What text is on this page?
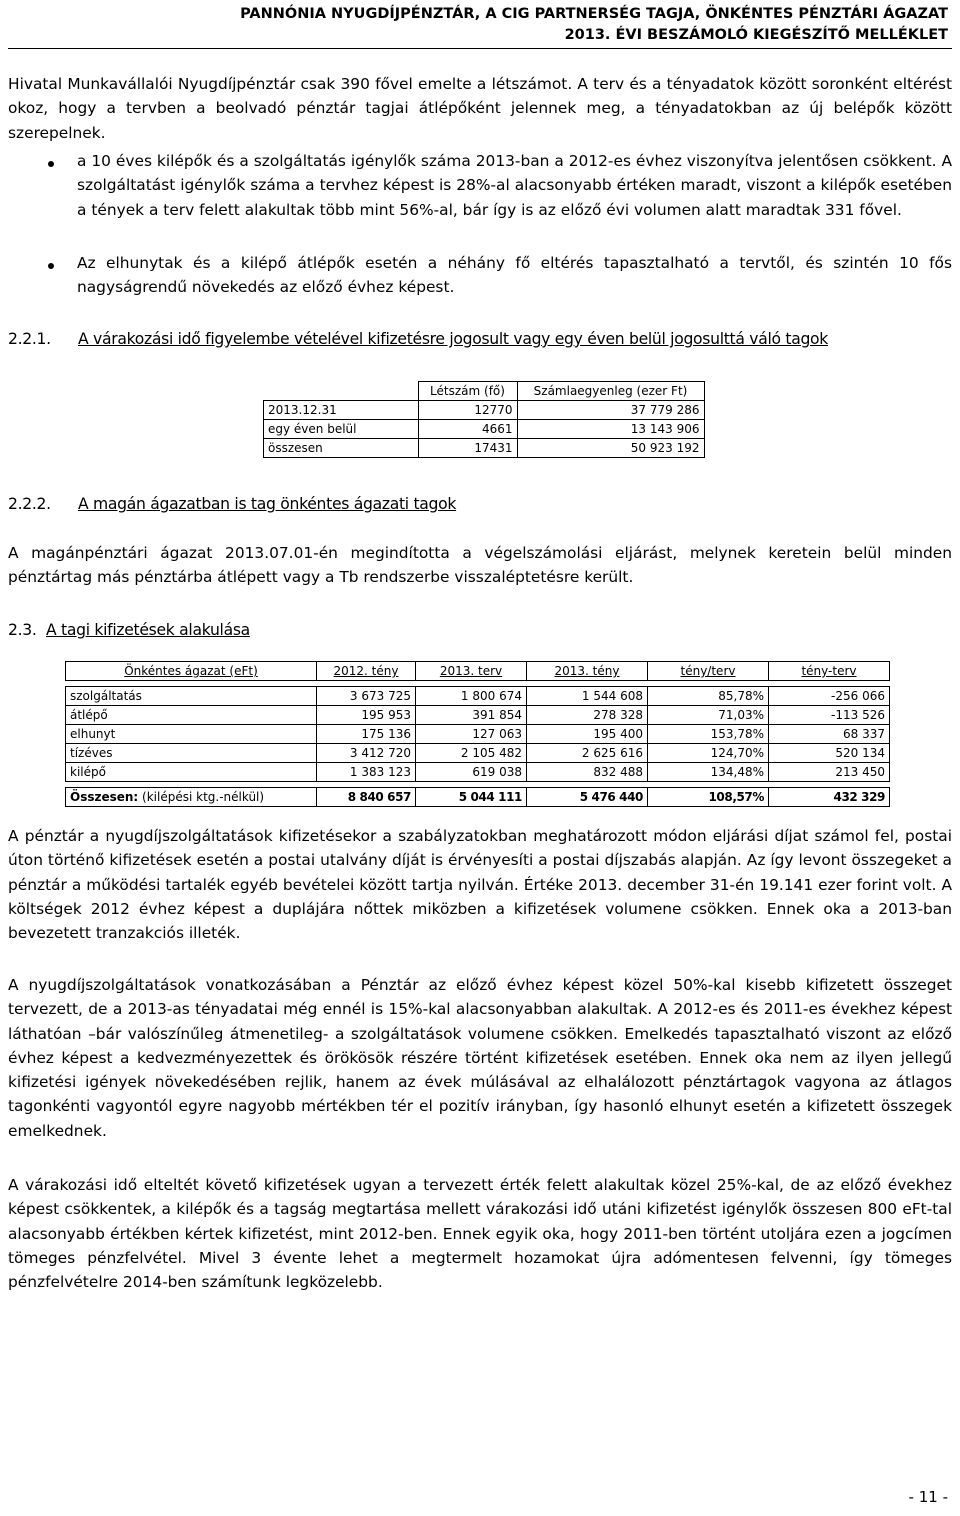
PANNÓNIA NYUGDÍJPÉNZTÁR, A CIG PARTNERSÉG TAGJA, ÖNKÉNTES PÉNZTÁRI ÁGAZAT
2013. ÉVI BESZÁMOLÓ KIEGÉSZÍTŐ MELLÉKLET

Hivatal Munkavállalói Nyugdíjpénztár csak 390 fővel emelte a létszámot. A terv és a tényadatok között soronként eltérést okoz, hogy a tervben a beolvadó pénztár tagjai átlépőként jelennek meg, a tényadatokban az új belépők között szerepelnek.

a 10 éves kilépők és a szolgáltatás igénylők száma 2013-ban a 2012-es évhez viszonyítva jelentősen csökkent. A szolgáltatást igénylők száma a tervhez képest is 28%-al alacsonyabb értéken maradt, viszont a kilépők esetében a tények a terv felett alakultak több mint 56%-al, bár így is az előző évi volumen alatt maradtak 331 fővel.

Az elhunytak és a kilépő átlépők esetén a néhány fő eltérés tapasztalható a tervtől, és szintén 10 fős nagyságrendű növekedés az előző évhez képest.

2.2.1. A várakozási idő figyelembe vételével kifizetésre jogosult vagy egy éven belül jogosulttá váló tagok
	Létszám (fő)	Számlaegyenleg (ezer Ft)
2013.12.31	12770	37 779 286
egy éven belül	4661	13 143 906
összesen	17431	50 923 192
2.2.2. A magán ágazatban is tag önkéntes ágazati tagok

A magánpénztári ágazat 2013.07.01-én megindította a végelszámolási eljárást, melynek keretein belül minden pénztártag más pénztárba átlépett vagy a Tb rendszerbe visszaléptetésre került.

2.3. A tagi kifizetések alakulása
Önkéntes ágazat (eFt)	2012. tény	2013. terv	2013. tény	tény/terv	tény-terv

szolgáltatás	3 673 725	1 800 674	1 544 608	85,78%	-256 066
átlépő	195 953	391 854	278 328	71,03%	-113 526
elhunyt	175 136	127 063	195 400	153,78%	68 337
tízéves	3 412 720	2 105 482	2 625 616	124,70%	520 134
kilépő	1 383 123	619 038	832 488	134,48%	213 450

Összesen: (kilépési ktg.-nélkül)	8 840 657	5 044 111	5 476 440	108,57%	432 329

A pénztár a nyugdíjszolgáltatások kifizetésekor a szabályzatokban meghatározott módon eljárási díjat számol fel, postai úton történő kifizetések esetén a postai utalvány díját is érvényesíti a postai díjszabás alapján. Az így levont összegeket a pénztár a működési tartalék egyéb bevételei között tartja nyilván. Értéke 2013. december 31-én 19.141 ezer forint volt. A költségek 2012 évhez képest a duplájára nőttek miközben a kifizetések volumene csökken. Ennek oka a 2013-ban bevezetett tranzakciós illeték.

A nyugdíjszolgáltatások vonatkozásában a Pénztár az előző évhez képest közel 50%-kal kisebb kifizetett összeget tervezett, de a 2013-as tényadatai még ennél is 15%-kal alacsonyabban alakultak. A 2012-es és 2011-es évekhez képest láthatóan –bár valószínűleg átmenetileg- a szolgáltatások volumene csökken. Emelkedés tapasztalható viszont az előző évhez képest a kedvezményezettek és örökösök részére történt kifizetések esetében. Ennek oka nem az ilyen jellegű kifizetési igények növekedésében rejlik, hanem az évek múlásával az elhalálozott pénztártagok vagyona az átlagos tagonkénti vagyontól egyre nagyobb mértékben tér el pozitív irányban, így hasonló elhunyt esetén a kifizetett összegek emelkednek.

A várakozási idő elteltét követő kifizetések ugyan a tervezett érték felett alakultak közel 25%-kal, de az előző évekhez képest csökkentek, a kilépők és a tagság megtartása mellett várakozási idő utáni kifizetést igénylők összesen 800 eFt-tal alacsonyabb értékben kértek kifizetést, mint 2012-ben. Ennek egyik oka, hogy 2011-ben történt utoljára ezen a jogcímen tömeges pénzfelvétel. Mivel 3 évente lehet a megtermelt hozamokat újra adómentesen felvenni, így tömeges pénzfelvételre 2014-ben számítunk legközelebb.

- 11 -
